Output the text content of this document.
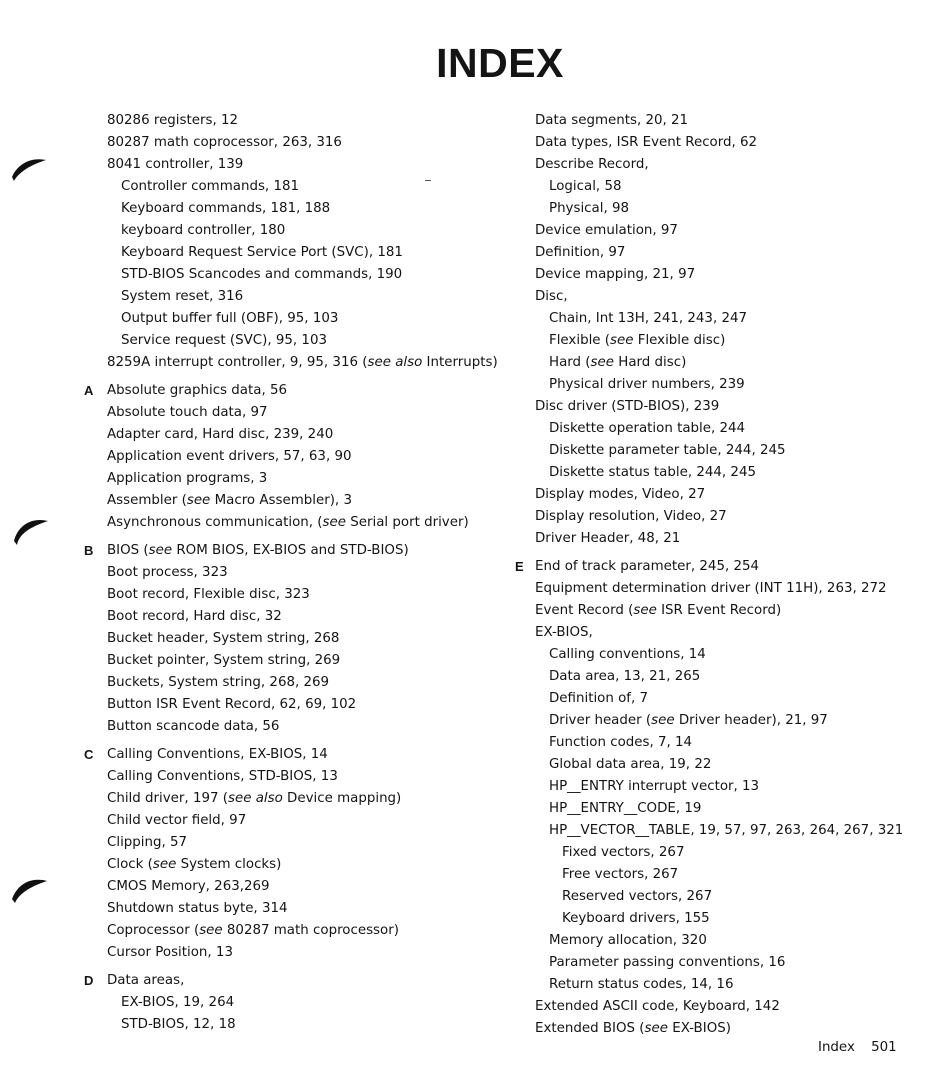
INDEX
80286 registers, 12
80287 math coprocessor, 263, 316
8041 controller, 139
Controller commands, 181
Keyboard commands, 181, 188
keyboard controller, 180
Keyboard Request Service Port (SVC), 181
STD-BIOS Scancodes and commands, 190
System reset, 316
Output buffer full (OBF), 95, 103
Service request (SVC), 95, 103
8259A interrupt controller, 9, 95, 316 (see also Interrupts)
A Absolute graphics data, 56
Absolute touch data, 97
Adapter card, Hard disc, 239, 240
Application event drivers, 57, 63, 90
Application programs, 3
Assembler (see Macro Assembler), 3
Asynchronous communication, (see Serial port driver)
B BIOS (see ROM BIOS, EX-BIOS and STD-BIOS)
Boot process, 323
Boot record, Flexible disc, 323
Boot record, Hard disc, 32
Bucket header, System string, 268
Bucket pointer, System string, 269
Buckets, System string, 268, 269
Button ISR Event Record, 62, 69, 102
Button scancode data, 56
C Calling Conventions, EX-BIOS, 14
Calling Conventions, STD-BIOS, 13
Child driver, 197 (see also Device mapping)
Child vector field, 97
Clipping, 57
Clock (see System clocks)
CMOS Memory, 263,269
Shutdown status byte, 314
Coprocessor (see 80287 math coprocessor)
Cursor Position, 13
D Data areas,
EX-BIOS, 19, 264
STD-BIOS, 12, 18
Data segments, 20, 21
Data types, ISR Event Record, 62
Describe Record,
Logical, 58
Physical, 98
Device emulation, 97
Definition, 97
Device mapping, 21, 97
Disc,
Chain, Int 13H, 241, 243, 247
Flexible (see Flexible disc)
Hard (see Hard disc)
Physical driver numbers, 239
Disc driver (STD-BIOS), 239
Diskette operation table, 244
Diskette parameter table, 244, 245
Diskette status table, 244, 245
Display modes, Video, 27
Display resolution, Video, 27
Driver Header, 48, 21
E End of track parameter, 245, 254
Equipment determination driver (INT 11H), 263, 272
Event Record (see ISR Event Record)
EX-BIOS,
Calling conventions, 14
Data area, 13, 21, 265
Definition of, 7
Driver header (see Driver header), 21, 97
Function codes, 7, 14
Global data area, 19, 22
HP__ENTRY interrupt vector, 13
HP__ENTRY__CODE, 19
HP__VECTOR__TABLE, 19, 57, 97, 263, 264, 267, 321
Fixed vectors, 267
Free vectors, 267
Reserved vectors, 267
Keyboard drivers, 155
Memory allocation, 320
Parameter passing conventions, 16
Return status codes, 14, 16
Extended ASCII code, Keyboard, 142
Extended BIOS (see EX-BIOS)
Index 501
